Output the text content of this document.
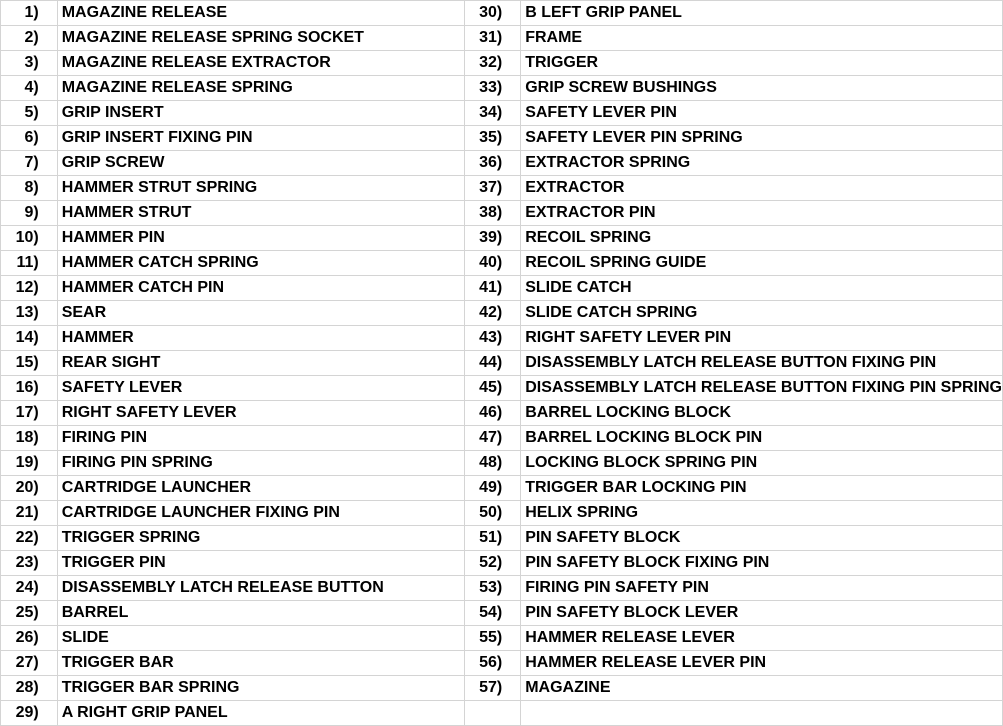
1)	MAGAZINE RELEASE	30)	B LEFT GRIP PANEL
2)	MAGAZINE RELEASE SPRING SOCKET	31)	FRAME
3)	MAGAZINE RELEASE EXTRACTOR	32)	TRIGGER
4)	MAGAZINE RELEASE SPRING	33)	GRIP SCREW BUSHINGS
5)	GRIP INSERT	34)	SAFETY LEVER PIN
6)	GRIP INSERT FIXING PIN	35)	SAFETY LEVER PIN SPRING
7)	GRIP SCREW	36)	EXTRACTOR SPRING
8)	HAMMER STRUT SPRING	37)	EXTRACTOR
9)	HAMMER STRUT	38)	EXTRACTOR PIN
10)	HAMMER PIN	39)	RECOIL SPRING
11)	HAMMER CATCH SPRING	40)	RECOIL SPRING GUIDE
12)	HAMMER CATCH PIN	41)	SLIDE CATCH
13)	SEAR	42)	SLIDE CATCH SPRING
14)	HAMMER	43)	RIGHT SAFETY LEVER PIN
15)	REAR SIGHT	44)	DISASSEMBLY LATCH RELEASE BUTTON FIXING PIN
16)	SAFETY LEVER	45)	DISASSEMBLY LATCH RELEASE BUTTON FIXING PIN SPRING
17)	RIGHT SAFETY LEVER	46)	BARREL LOCKING BLOCK
18)	FIRING PIN	47)	BARREL LOCKING BLOCK PIN
19)	FIRING PIN SPRING	48)	LOCKING BLOCK SPRING PIN
20)	CARTRIDGE LAUNCHER	49)	TRIGGER BAR LOCKING PIN
21)	CARTRIDGE LAUNCHER FIXING PIN	50)	HELIX SPRING
22)	TRIGGER SPRING	51)	PIN SAFETY BLOCK
23)	TRIGGER PIN	52)	PIN SAFETY BLOCK FIXING PIN
24)	DISASSEMBLY LATCH RELEASE BUTTON	53)	FIRING PIN SAFETY PIN
25)	BARREL	54)	PIN SAFETY BLOCK LEVER
26)	SLIDE	55)	HAMMER RELEASE LEVER
27)	TRIGGER BAR	56)	HAMMER RELEASE LEVER PIN
28)	TRIGGER BAR SPRING	57)	MAGAZINE
29)	A RIGHT GRIP PANEL		
